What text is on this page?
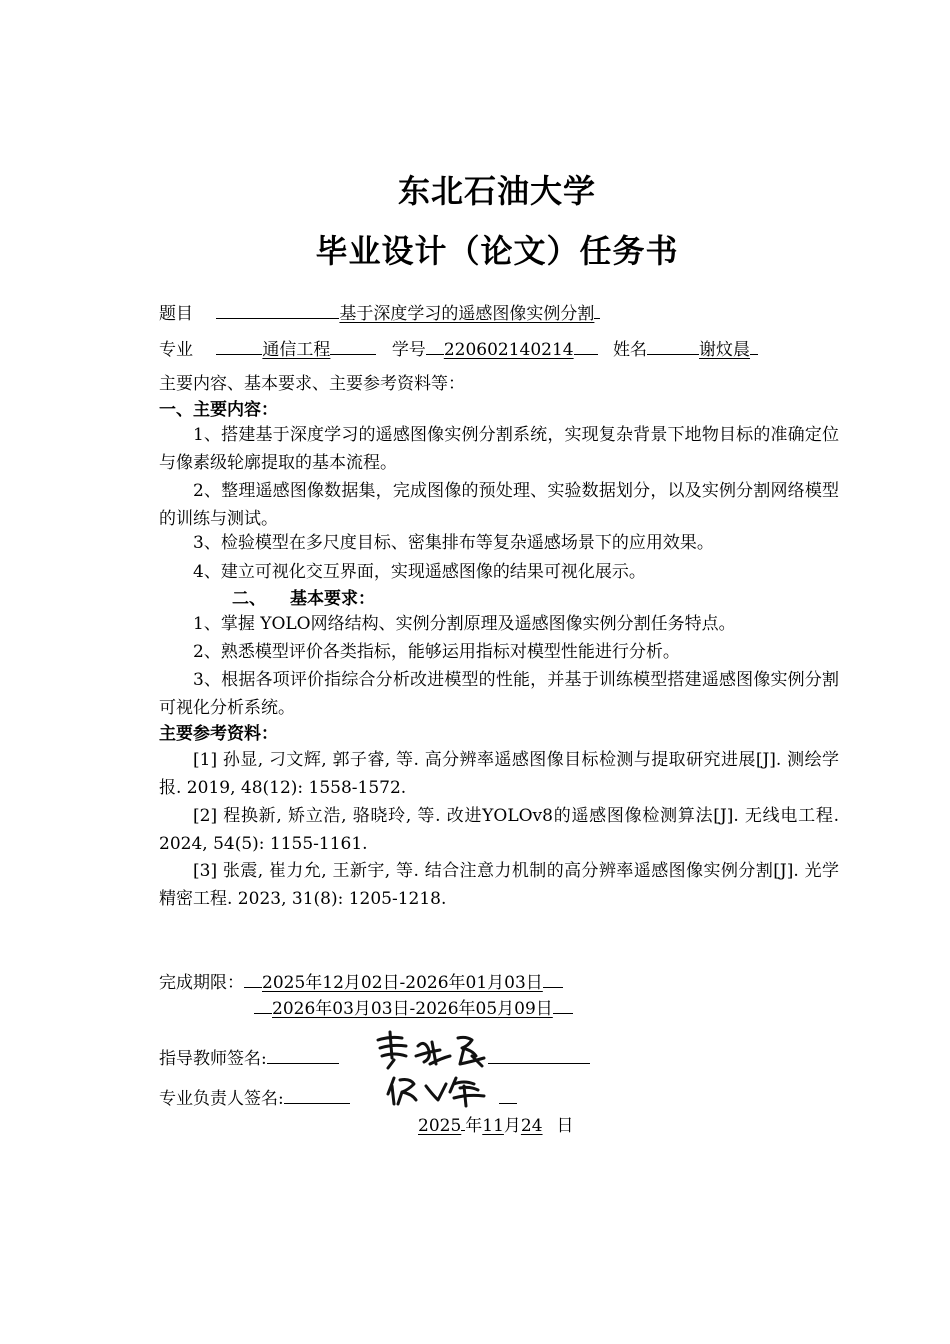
东北石油大学
毕业设计（论文）任务书
题目	基于深度学习的遥感图像实例分割
专业	通信工程	学号 220602140214 姓名	谢炆晨
主要内容、基本要求、主要参考资料等：
一、主要内容：
1、搭建基于深度学习的遥感图像实例分割系统，实现复杂背景下地物目标的准确定位与像素级轮廓提取的基本流程。
2、整理遥感图像数据集，完成图像的预处理、实验数据划分，以及实例分割网络模型的训练与测试。
3、检验模型在多尺度目标、密集排布等复杂遥感场景下的应用效果。
4、建立可视化交互界面，实现遥感图像的结果可视化展示。
二、 基本要求：
1、掌握 YOLO网络结构、实例分割原理及遥感图像实例分割任务特点。
2、熟悉模型评价各类指标，能够运用指标对模型性能进行分析。
3、根据各项评价指综合分析改进模型的性能，并基于训练模型搭建遥感图像实例分割可视化分析系统。
主要参考资料：
[1] 孙显, 刁文辉, 郭子睿, 等. 高分辨率遥感图像目标检测与提取研究进展[J]. 测绘学报. 2019, 48(12): 1558-1572.
[2] 程换新, 矫立浩, 骆晓玲, 等. 改进YOLOv8的遥感图像检测算法[J]. 无线电工程. 2024, 54(5): 1155-1161.
[3] 张震, 崔力允, 王新宇, 等. 结合注意力机制的高分辨率遥感图像实例分割[J]. 光学精密工程. 2023, 31(8): 1205-1218.
完成期限： 2025年12月02日-2026年01月03日
2026年03月03日-2026年05月09日
指导教师签名:
专业负责人签名:
2025 年11月24 日
